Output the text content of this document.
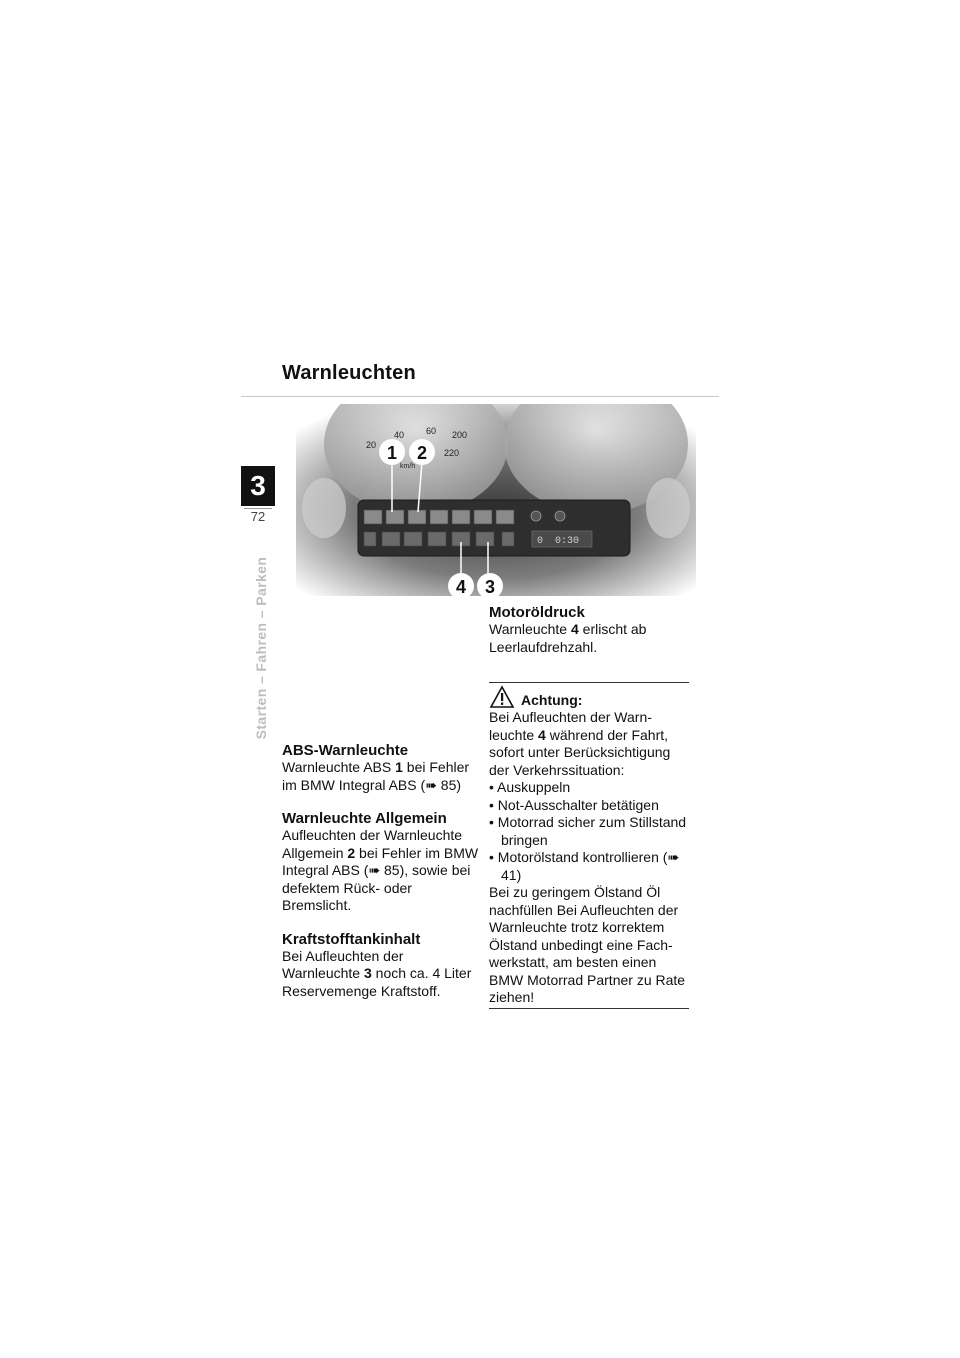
Warnleuchten
3
72
Starten – Fahren – Parken
20
40 60 200
220
km/h
0  0:30
1 2
4 3
ABS-Warnleuchte

Warnleuchte ABS 1 bei Fehler im BMW Integral ABS (➠ 85)

Warnleuchte Allgemein

Aufleuchten der Warnleuchte Allgemein 2 bei Fehler im BMW Integral ABS (➠ 85), sowie bei defektem Rück- oder Bremslicht.

Kraftstofftankinhalt

Bei Aufleuchten der Warnleuchte 3 noch ca. 4 Liter Reservemenge Kraftstoff.

Motoröldruck

Warnleuchte 4 erlischt ab Leerlaufdrehzahl.

Achtung:

Bei Aufleuchten der Warn-leuchte 4 während der Fahrt, sofort unter Berücksichtigung der Verkehrssituation:

• Auskuppeln
• Not-Ausschalter betätigen
• Motorrad sicher zum Stillstand bringen
• Motorölstand kontrollieren (➠ 41)

Bei zu geringem Ölstand Öl nachfüllen Bei Aufleuchten der Warnleuchte trotz korrektem Ölstand unbedingt eine Fach-werkstatt, am besten einen BMW Motorrad Partner zu Rate ziehen!
